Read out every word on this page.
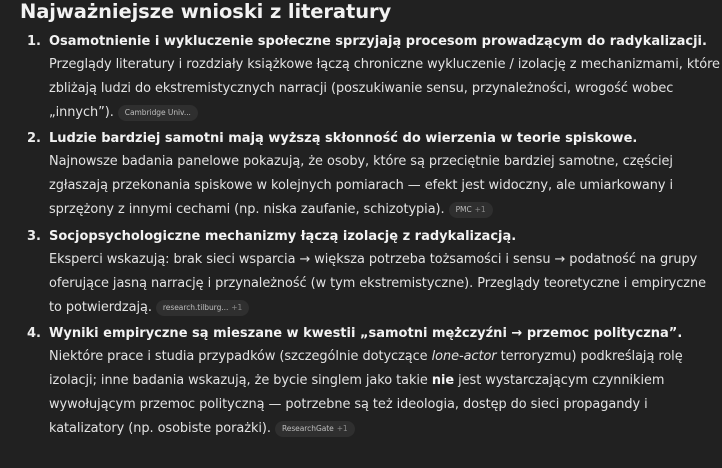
Najważniejsze wnioski z literatury
1. Osamotnienie i wykluczenie społeczne sprzyjają procesom prowadzącym do radykalizacji.
Przeglądy literatury i rozdziały książkowe łączą chroniczne wykluczenie / izolację z mechanizmami, które zbliżają ludzi do ekstremistycznych narracji (poszukiwanie sensu, przynależności, wrogość wobec „innych”). Cambridge Univ...
2. Ludzie bardziej samotni mają wyższą skłonność do wierzenia w teorie spiskowe.
Najnowsze badania panelowe pokazują, że osoby, które są przeciętnie bardziej samotne, częściej zgłaszają przekonania spiskowe w kolejnych pomiarach — efekt jest widoczny, ale umiarkowany i sprzężony z innymi cechami (np. niska zaufanie, schizotypia). PMC +1
3. Socjopsychologiczne mechanizmy łączą izolację z radykalizacją.
Eksperci wskazują: brak sieci wsparcia → większa potrzeba tożsamości i sensu → podatność na grupy oferujące jasną narrację i przynależność (w tym ekstremistyczne). Przeglądy teoretyczne i empiryczne to potwierdzają. research.tilburg... +1
4. Wyniki empiryczne są mieszane w kwestii „samotni mężczyźni → przemoc polityczna”.
Niektóre prace i studia przypadków (szczególnie dotyczące lone-actor terroryzmu) podkreślają rolę izolacji; inne badania wskazują, że bycie singlem jako takie nie jest wystarczającym czynnikiem wywołującym przemoc polityczną — potrzebne są też ideologia, dostęp do sieci propagandy i katalizatory (np. osobiste porażki). ResearchGate +1
